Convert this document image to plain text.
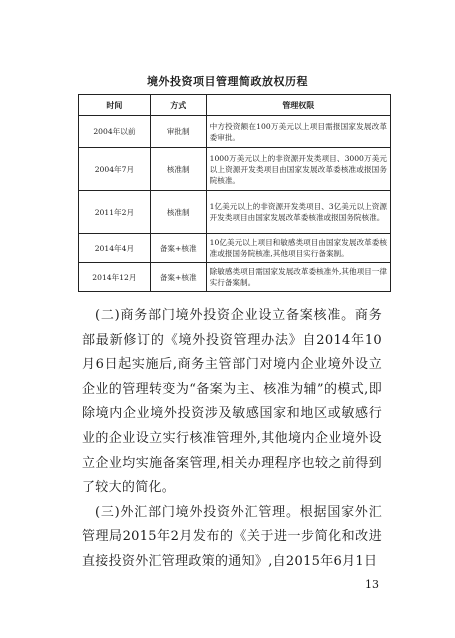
境外投资项目管理简政放权历程
时间	方式	管理权限
2004年以前	审批制	中方投资额在100万美元以上项目需报国家发展改革委审批。
2004年7月	核准制	1000万美元以上的非资源开发类项目、3000万美元以上资源开发类项目由国家发展改革委核准或报国务院核准。
2011年2月	核准制	1亿美元以上的非资源开发类项目、3亿美元以上资源开发类项目由国家发展改革委核准或报国务院核准。
2014年4月	备案+核准	10亿美元以上项目和敏感类项目由国家发展改革委核准或报国务院核准,其他项目实行备案制。
2014年12月	备案+核准	除敏感类项目需国家发展改革委核准外,其他项目一律实行备案制。

(二)商务部门境外投资企业设立备案核准。商务部最新修订的《境外投资管理办法》自2014年10月6日起实施后,商务主管部门对境内企业境外设立企业的管理转变为“备案为主、核准为辅”的模式,即除境内企业境外投资涉及敏感国家和地区或敏感行业的企业设立实行核准管理外,其他境内企业境外设立企业均实施备案管理,相关办理程序也较之前得到了较大的简化。

(三)外汇部门境外投资外汇管理。根据国家外汇管理局2015年2月发布的《关于进一步简化和改进直接投资外汇管理政策的通知》,自2015年6月1日

13
